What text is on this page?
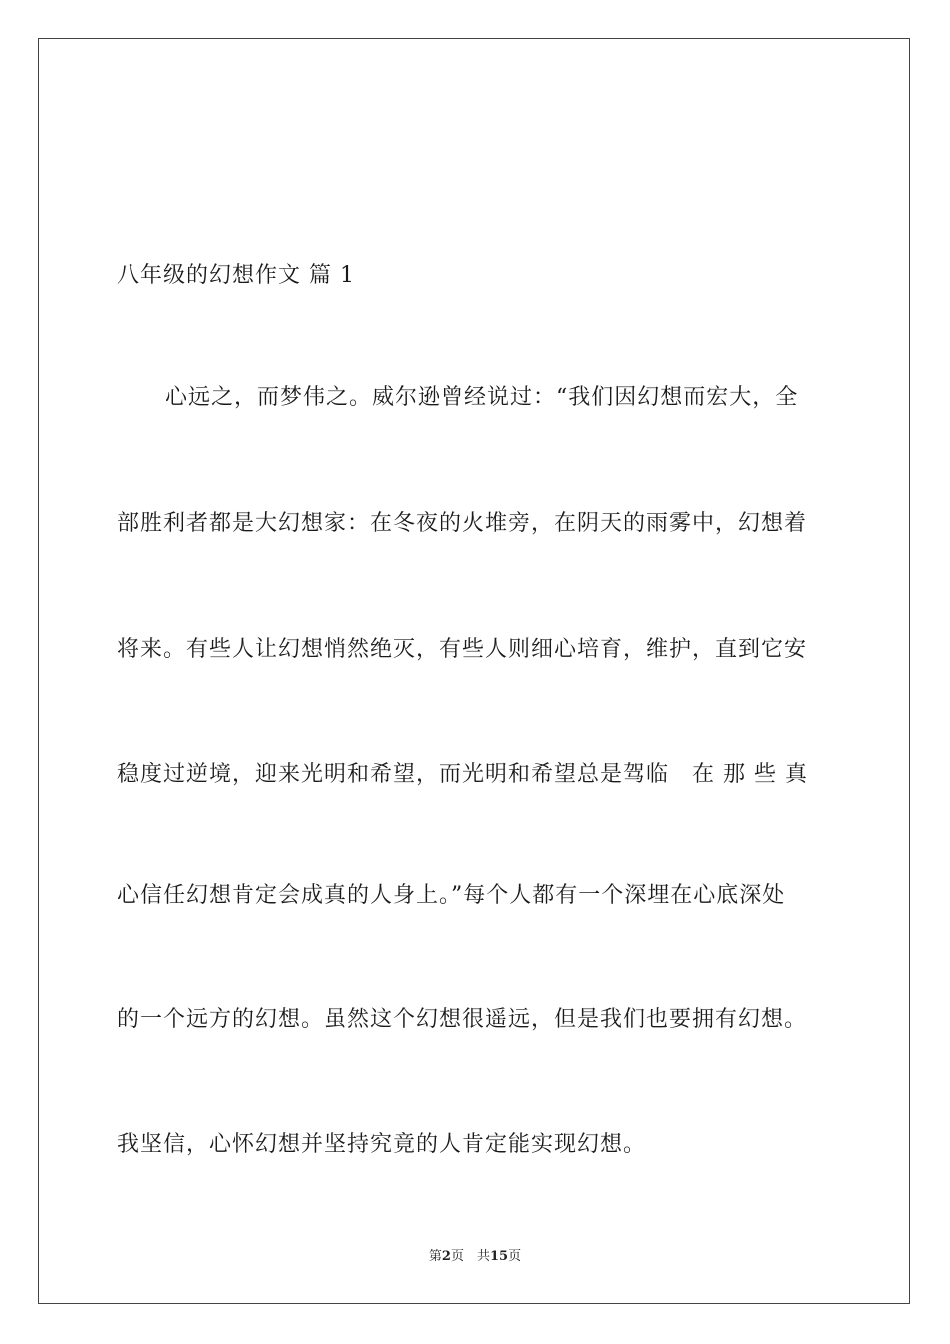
八年级的幻想作文 篇 1
心远之，而梦伟之。威尔逊曾经说过：“我们因幻想而宏大，全
部胜利者都是大幻想家：在冬夜的火堆旁，在阴天的雨雾中，幻想着
将来。有些人让幻想悄然绝灭，有些人则细心培育，维护，直到它安
稳度过逆境，迎来光明和希望，而光明和希望总是驾临　在 那 些 真
心信任幻想肯定会成真的人身上。”每个人都有一个深埋在心底深处
的一个远方的幻想。虽然这个幻想很遥远，但是我们也要拥有幻想。
我坚信，心怀幻想并坚持究竟的人肯定能实现幻想。
第2页　共15页
